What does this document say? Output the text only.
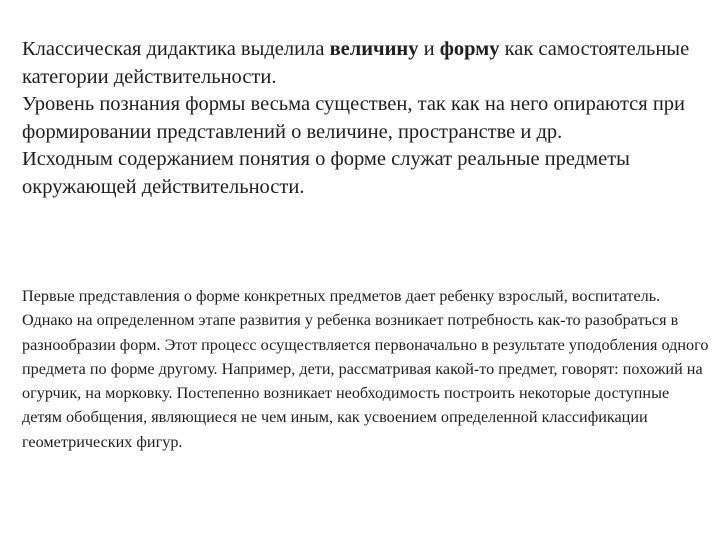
Классическая дидактика выделила величину и форму как самостоятельные категории действительности.

Уровень познания формы весьма существен, так как на него опираются при формировании представлений о величине, пространстве и др.

Исходным содержанием понятия о форме служат реальные предметы окружающей действительности.

Первые представления о форме конкретных предметов дает ребенку взрослый, воспитатель. Однако на определенном этапе развития у ребенка возникает потребность как-то разобраться в разнообразии форм. Этот процесс осуществляется первоначально в результате уподобления одного предмета по форме другому. Например, дети, рассматривая какой-то предмет, говорят: похожий на огурчик, на морковку. Постепенно возникает необходимость построить некоторые доступные детям обобщения, являющиеся не чем иным, как усвоением определенной классификации геометрических фигур.
